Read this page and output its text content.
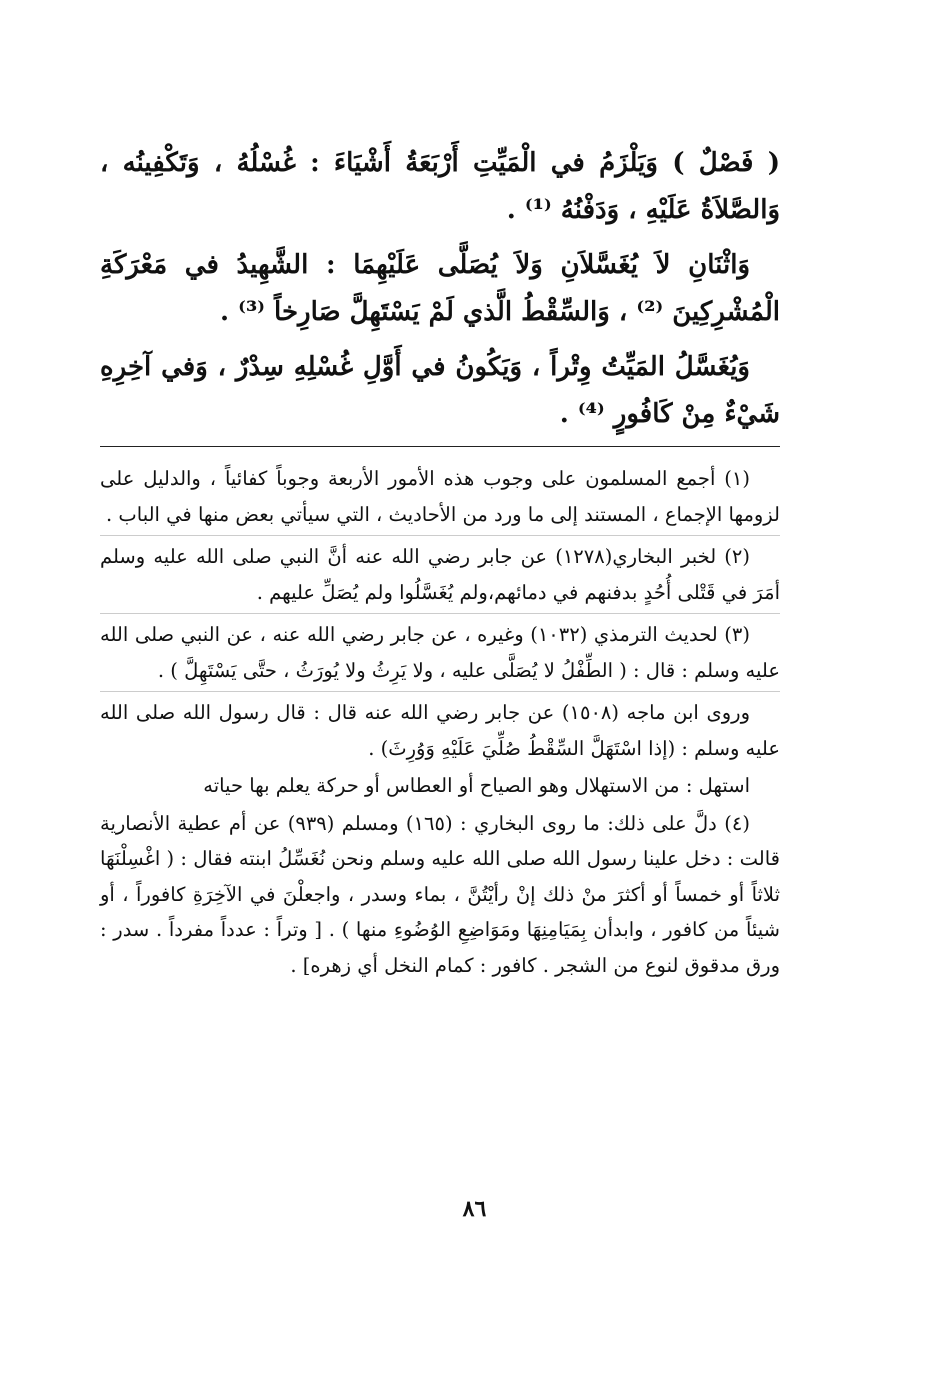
( فَصْلٌ ) وَيَلْزَمُ في الْمَيِّتِ أَرْبَعَةُ أَشْيَاءَ : غُسْلُهُ ، وَتَكْفِينُه ، وَالصَّلاَةُ عَلَيْهِ ، وَدَفْنُهُ ⁽¹⁾ .

وَاثْنَانِ لاَ يُغَسَّلاَنِ وَلاَ يُصَلَّى عَلَيْهِمَا : الشَّهِيدُ في مَعْرَكَةِ الْمُشْرِكِينَ ⁽²⁾ ، وَالسِّقْطُ الَّذي لَمْ يَسْتَهِلَّ صَارِخاً ⁽³⁾ .

وَيُغَسَّلُ المَيِّتُ وِتْراً ، وَيَكُونُ في أَوَّلِ غُسْلِهِ سِدْرٌ ، وَفي آخِرِهِ شَيْءٌ مِنْ كَافُورٍ ⁽⁴⁾ .

(١) أجمع المسلمون على وجوب هذه الأمور الأربعة وجوباً كفائياً ، والدليل على لزومها الإجماع ، المستند إلى ما ورد من الأحاديث ، التي سيأتي بعض منها في الباب .

(٢) لخبر البخاري(١٢٧٨) عن جابر رضي الله عنه أنَّ النبي صلى الله عليه وسلم أمَرَ في قَتْلى أُحُدٍ بدفنهم في دمائهم،ولم يُغَسَّلُوا ولم يُصَلِّ عليهم .

(٣) لحديث الترمذي (١٠٣٢) وغيره ، عن جابر رضي الله عنه ، عن النبي صلى الله عليه وسلم : قال : ( الطِّفْلُ لا يُصَلَّى عليه ، ولا يَرِثُ ولا يُورَثُ ، حتَّى يَسْتَهِلَّ ) .

وروى ابن ماجه (١٥٠٨) عن جابر رضي الله عنه قال : قال رسول الله صلى الله عليه وسلم : (إذا اسْتَهَلَّ السِّقْطُ صُلِّيَ عَلَيْهِ وَوُرِثَ) .

استهل : من الاستهلال وهو الصياح أو العطاس أو حركة يعلم بها حياته

(٤) دلَّ على ذلك: ما روى البخاري : (١٦٥) ومسلم (٩٣٩) عن أم عطية الأنصارية قالت : دخل علينا رسول الله صلى الله عليه وسلم ونحن نُغَسِّلُ ابنته فقال : ( اغْسِلْنَهَا ثلاثاً أو خمساً أو أكثرَ منْ ذلك إنْ رأيْتُنَّ ، بماء وسدر ، واجعلْنَ في الآخِرَةِ كافوراً ، أو شيئاً من كافور ، وابدأن بِمَيَامِنِهَا ومَوَاضِعِ الوُضُوءِ منها ) . [ وتراً : عدداً مفرداً . سدر : ورق مدقوق لنوع من الشجر . كافور : كمام النخل أي زهره] .

٨٦
